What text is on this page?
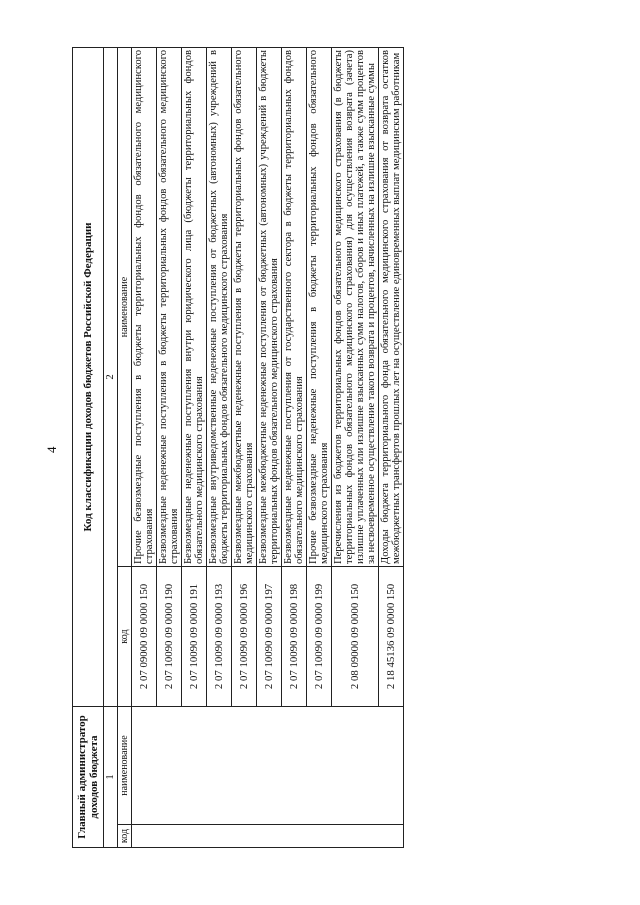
4
Главный администратор доходов бюджета		Код классификации доходов бюджетов Российской Федерации	
1		2	
код	наименование	код	наименование
		2 07 09000 09 0000 150	Прочие безвозмездные поступления в бюджеты территориальных фондов обязательного медицинского страхования
		2 07 10090 09 0000 190	Безвозмездные неденежные поступления в бюджеты территориальных фондов обязательного медицинского страхования
		2 07 10090 09 0000 191	Безвозмездные неденежные поступления внутри юридического лица (бюджеты территориальных фондов обязательного медицинского страхования
		2 07 10090 09 0000 193	Безвозмездные внутриведомственные неденежные поступления от бюджетных (автономных) учреждений в бюджеты территориальных фондов обязательного медицинского страхования
		2 07 10090 09 0000 196	Безвозмездные межбюджетные неденежные поступления в бюджеты территориальных фондов обязательного медицинского страхования
		2 07 10090 09 0000 197	Безвозмездные межбюджетные неденежные поступления от бюджетных (автономных) учреждений в бюджеты территориальных фондов обязательного медицинского страхования
		2 07 10090 09 0000 198	Безвозмездные неденежные поступления от государственного сектора в бюджеты территориальных фондов обязательного медицинского страхования
		2 07 10090 09 0000 199	Прочие безвозмездные неденежные поступления в бюджеты территориальных фондов обязательного медицинского страхования
		2 08 09000 09 0000 150	Перечисления из бюджетов территориальных фондов обязательного медицинского страхования (в бюджеты территориальных фондов обязательного медицинского страхования) для осуществления возврата (зачета) излишне уплаченных или излишне взысканных сумм налогов, сборов и иных платежей, а также сумм процентов за несвоевременное осуществление такого возврата и процентов, начисленных на излишне взысканные суммы
		2 18 45136 09 0000 150	Доходы бюджета территориального фонда обязательного медицинского страхования от возврата остатков межбюджетных трансфертов прошлых лет на осуществление единовременных выплат медицинским работникам
